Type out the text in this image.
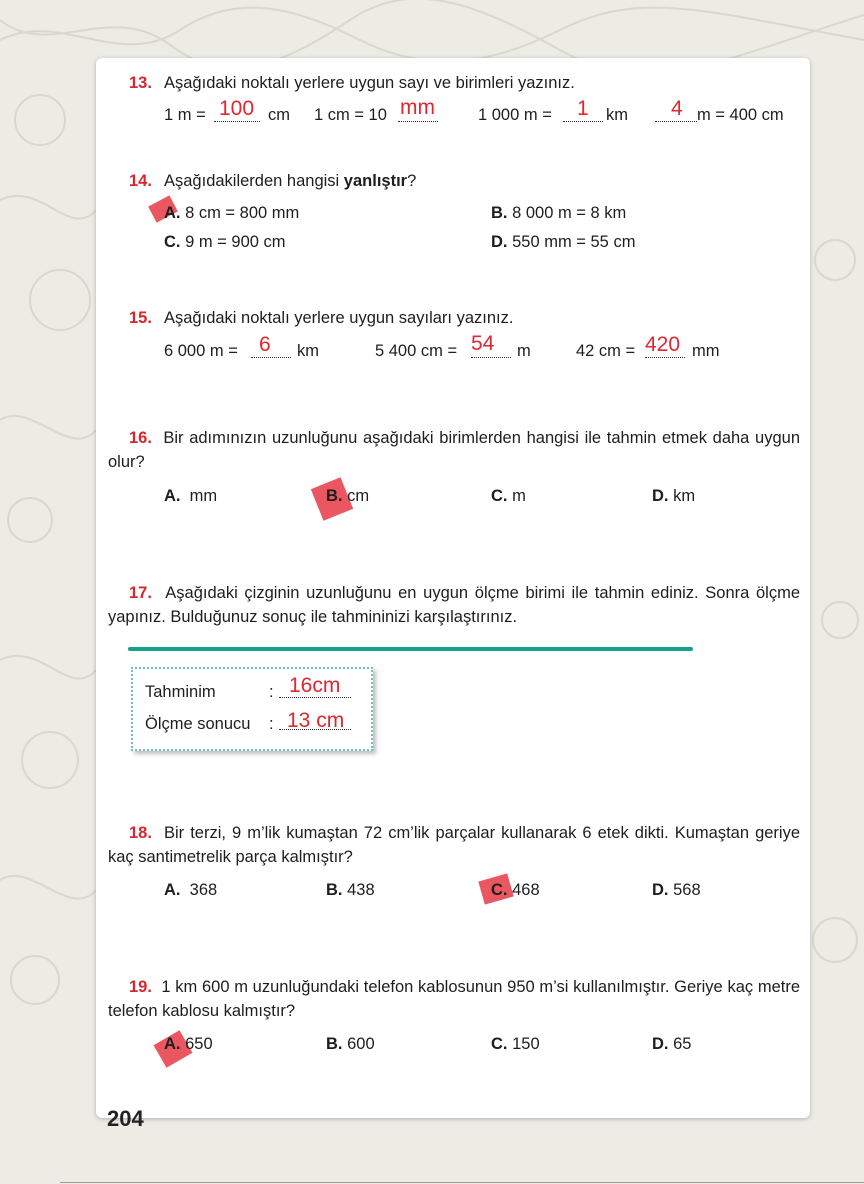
13. Aşağıdaki noktalı yerlere uygun sayı ve birimleri yazınız.
1 m = 100 cm 1 cm = 10 mm	1 000 m = 1 km 4 m = 400 cm
14. Aşağıdakilerden hangisi yanlıştır?
A. 8 cm = 800 mm	B. 8 000 m = 8 km
C. 9 m = 900 cm	D. 550 mm = 55 cm
15. Aşağıdaki noktalı yerlere uygun sayıları yazınız.
6 000 m = 6 km	5 400 cm = 54 m	42 cm = 420 mm
16. Bir adımınızın uzunluğunu aşağıdaki birimlerden hangisi ile tahmin etmek daha uygun olur?
A. mm	B. cm	C. m	D. km
17. Aşağıdaki çizginin uzunluğunu en uygun ölçme birimi ile tahmin ediniz. Sonra ölçme yapınız. Bulduğunuz sonuç ile tahmininizi karşılaştırınız.
Tahminim	: 16cm
Ölçme sonucu : 13 cm
18. Bir terzi, 9 m’lik kumaştan 72 cm’lik parçalar kullanarak 6 etek dikti. Kumaştan geriye kaç santimetrelik parça kalmıştır?
A. 368	B. 438	C. 468	D. 568
19. 1 km 600 m uzunluğundaki telefon kablosunun 950 m’si kullanılmıştır. Geriye kaç metre telefon kablosu kalmıştır?
A. 650	B. 600	C. 150	D. 65
204
